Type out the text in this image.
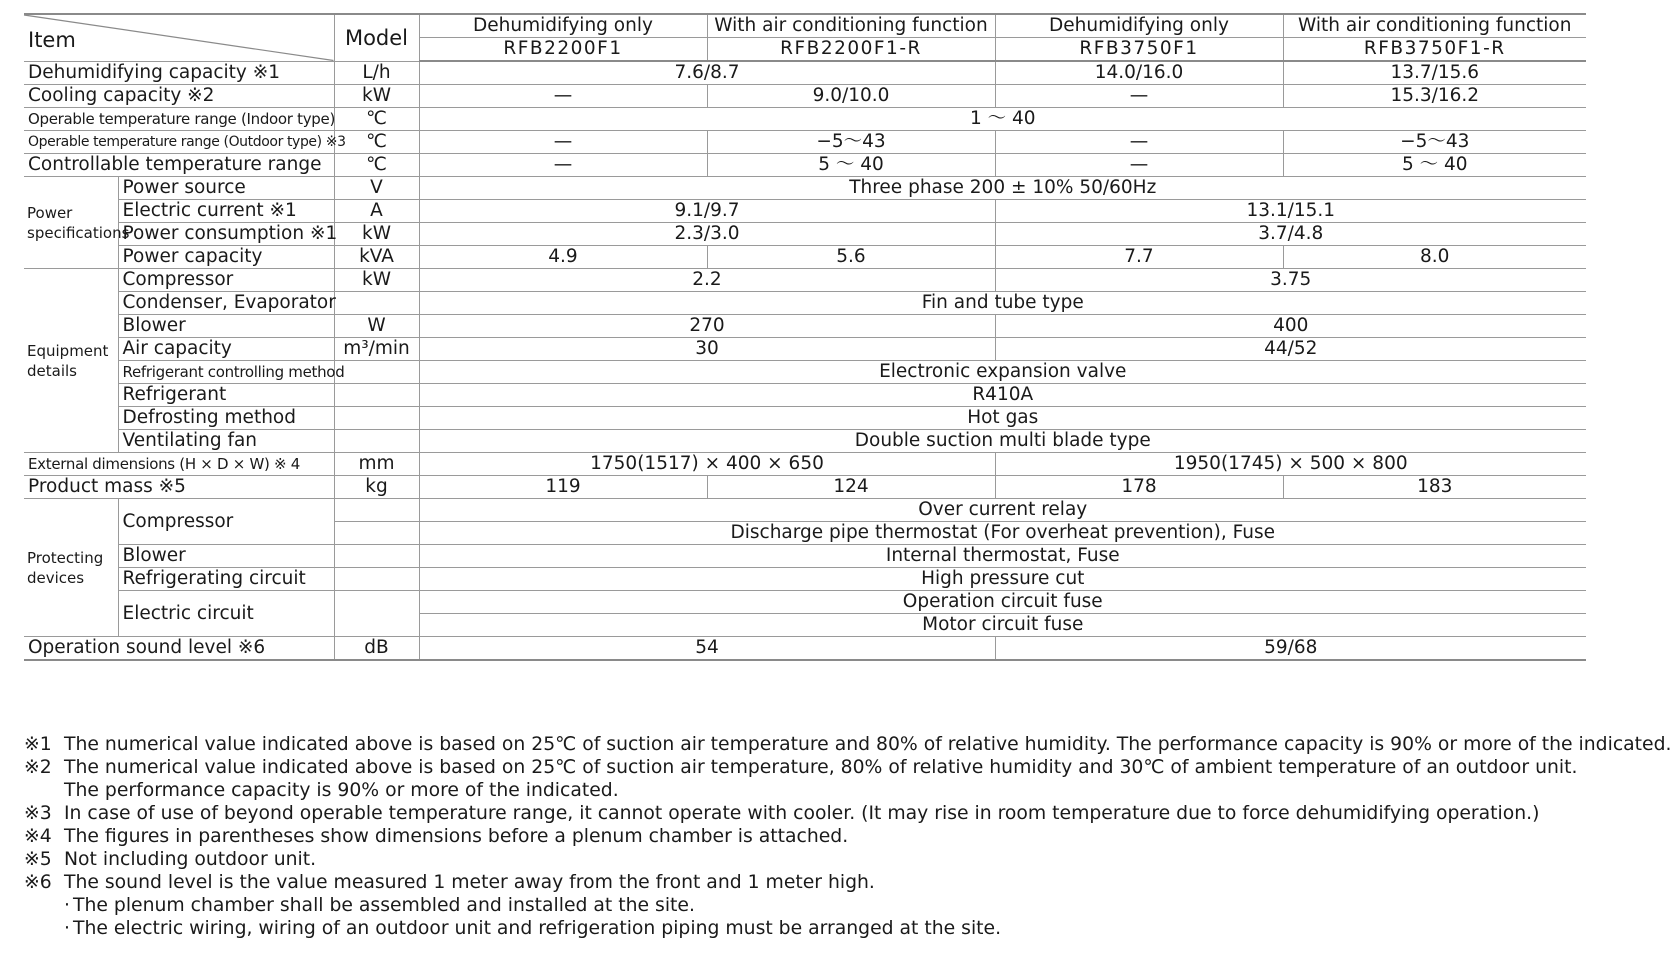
Item		Model	Dehumidifying only	With air conditioning function	Dehumidifying only	With air conditioning function
			RFB2200F1	RFB2200F1-R	RFB3750F1	RFB3750F1-R
Dehumidifying capacity ※1		L/h	7.6/8.7		14.0/16.0	13.7/15.6
Cooling capacity ※2		kW	—	9.0/10.0	—	15.3/16.2
Operable temperature range (Indoor type)		℃	1 ～ 40			
Operable temperature range (Outdoor type) ※3		℃	—	−5～43	—	−5～43
Controllable temperature range		℃	—	5 ～ 40	—	5 ～ 40
Power specifications	Power source	V	Three phase 200 ± 10% 50/60Hz			
	Electric current ※1	A	9.1/9.7		13.1/15.1	
	Power consumption ※1	kW	2.3/3.0		3.7/4.8	
	Power capacity	kVA	4.9	5.6	7.7	8.0
Equipment details	Compressor	kW	2.2		3.75	
	Condenser, Evaporator		Fin and tube type			
	Blower	W	270		400	
	Air capacity	m³/min	30		44/52	
	Refrigerant controlling method		Electronic expansion valve			
	Refrigerant		R410A			
	Defrosting method		Hot gas			
	Ventilating fan		Double suction multi blade type			
External dimensions (H × D × W) ※ 4		mm	1750(1517) × 400 × 650		1950(1745) × 500 × 800	
Product mass ※5		kg	119	124	178	183
Protecting devices	Compressor		Over current relay			
			Discharge pipe thermostat (For overheat prevention), Fuse			
	Blower		Internal thermostat, Fuse			
	Refrigerating circuit		High pressure cut			
	Electric circuit		Operation circuit fuse			
			Motor circuit fuse			
Operation sound level ※6		dB	54		59/68	
※1 The numerical value indicated above is based on 25℃ of suction air temperature and 80% of relative humidity. The performance capacity is 90% or more of the indicated.
※2 The numerical value indicated above is based on 25℃ of suction air temperature, 80% of relative humidity and 30℃ of ambient temperature of an outdoor unit.
The performance capacity is 90% or more of the indicated.
※3 In case of use of beyond operable temperature range, it cannot operate with cooler. (It may rise in room temperature due to force dehumidifying operation.)
※4 The figures in parentheses show dimensions before a plenum chamber is attached.
※5 Not including outdoor unit.
※6 The sound level is the value measured 1 meter away from the front and 1 meter high.
· The plenum chamber shall be assembled and installed at the site.
· The electric wiring, wiring of an outdoor unit and refrigeration piping must be arranged at the site.
